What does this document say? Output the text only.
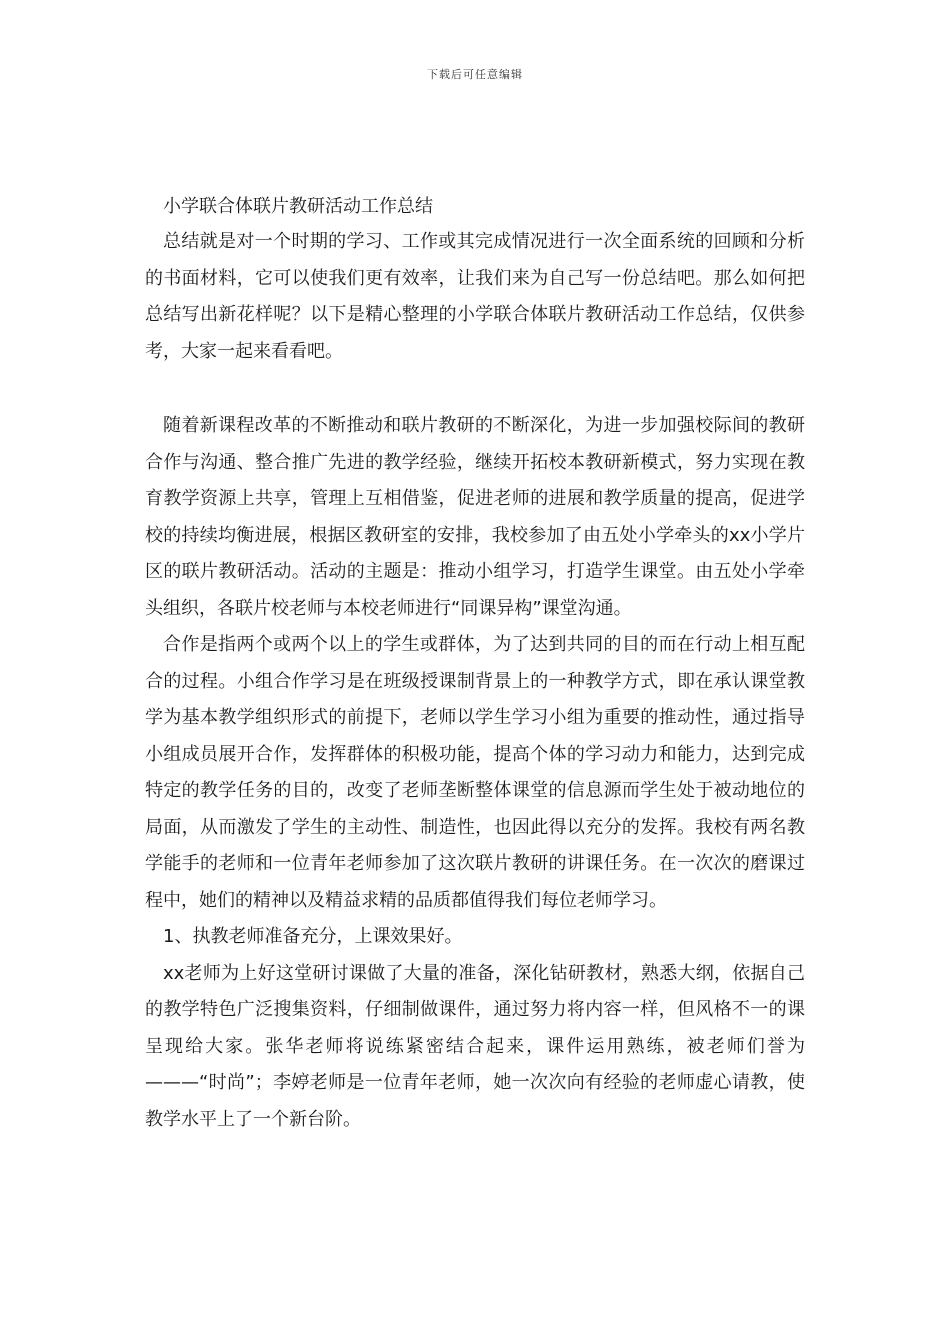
下载后可任意编辑

小学联合体联片教研活动工作总结

总结就是对一个时期的学习、工作或其完成情况进行一次全面系统的回顾和分析的书面材料，它可以使我们更有效率，让我们来为自己写一份总结吧。那么如何把总结写出新花样呢？以下是精心整理的小学联合体联片教研活动工作总结，仅供参考，大家一起来看看吧。

随着新课程改革的不断推动和联片教研的不断深化，为进一步加强校际间的教研合作与沟通、整合推广先进的教学经验，继续开拓校本教研新模式，努力实现在教育教学资源上共享，管理上互相借鉴，促进老师的进展和教学质量的提高，促进学校的持续均衡进展，根据区教研室的安排，我校参加了由五处小学牵头的xx小学片区的联片教研活动。活动的主题是：推动小组学习，打造学生课堂。由五处小学牵头组织，各联片校老师与本校老师进行“同课异构”课堂沟通。

合作是指两个或两个以上的学生或群体，为了达到共同的目的而在行动上相互配合的过程。小组合作学习是在班级授课制背景上的一种教学方式，即在承认课堂教学为基本教学组织形式的前提下，老师以学生学习小组为重要的推动性，通过指导小组成员展开合作，发挥群体的积极功能，提高个体的学习动力和能力，达到完成特定的教学任务的目的，改变了老师垄断整体课堂的信息源而学生处于被动地位的局面，从而激发了学生的主动性、制造性，也因此得以充分的发挥。我校有两名教学能手的老师和一位青年老师参加了这次联片教研的讲课任务。在一次次的磨课过程中，她们的精神以及精益求精的品质都值得我们每位老师学习。

1、执教老师准备充分，上课效果好。

xx老师为上好这堂研讨课做了大量的准备，深化钻研教材，熟悉大纲，依据自己的教学特色广泛搜集资料，仔细制做课件，通过努力将内容一样，但风格不一的课呈现给大家。张华老师将说练紧密结合起来，课件运用熟练，被老师们誉为———“时尚”；李婷老师是一位青年老师，她一次次向有经验的老师虚心请教，使教学水平上了一个新台阶。
